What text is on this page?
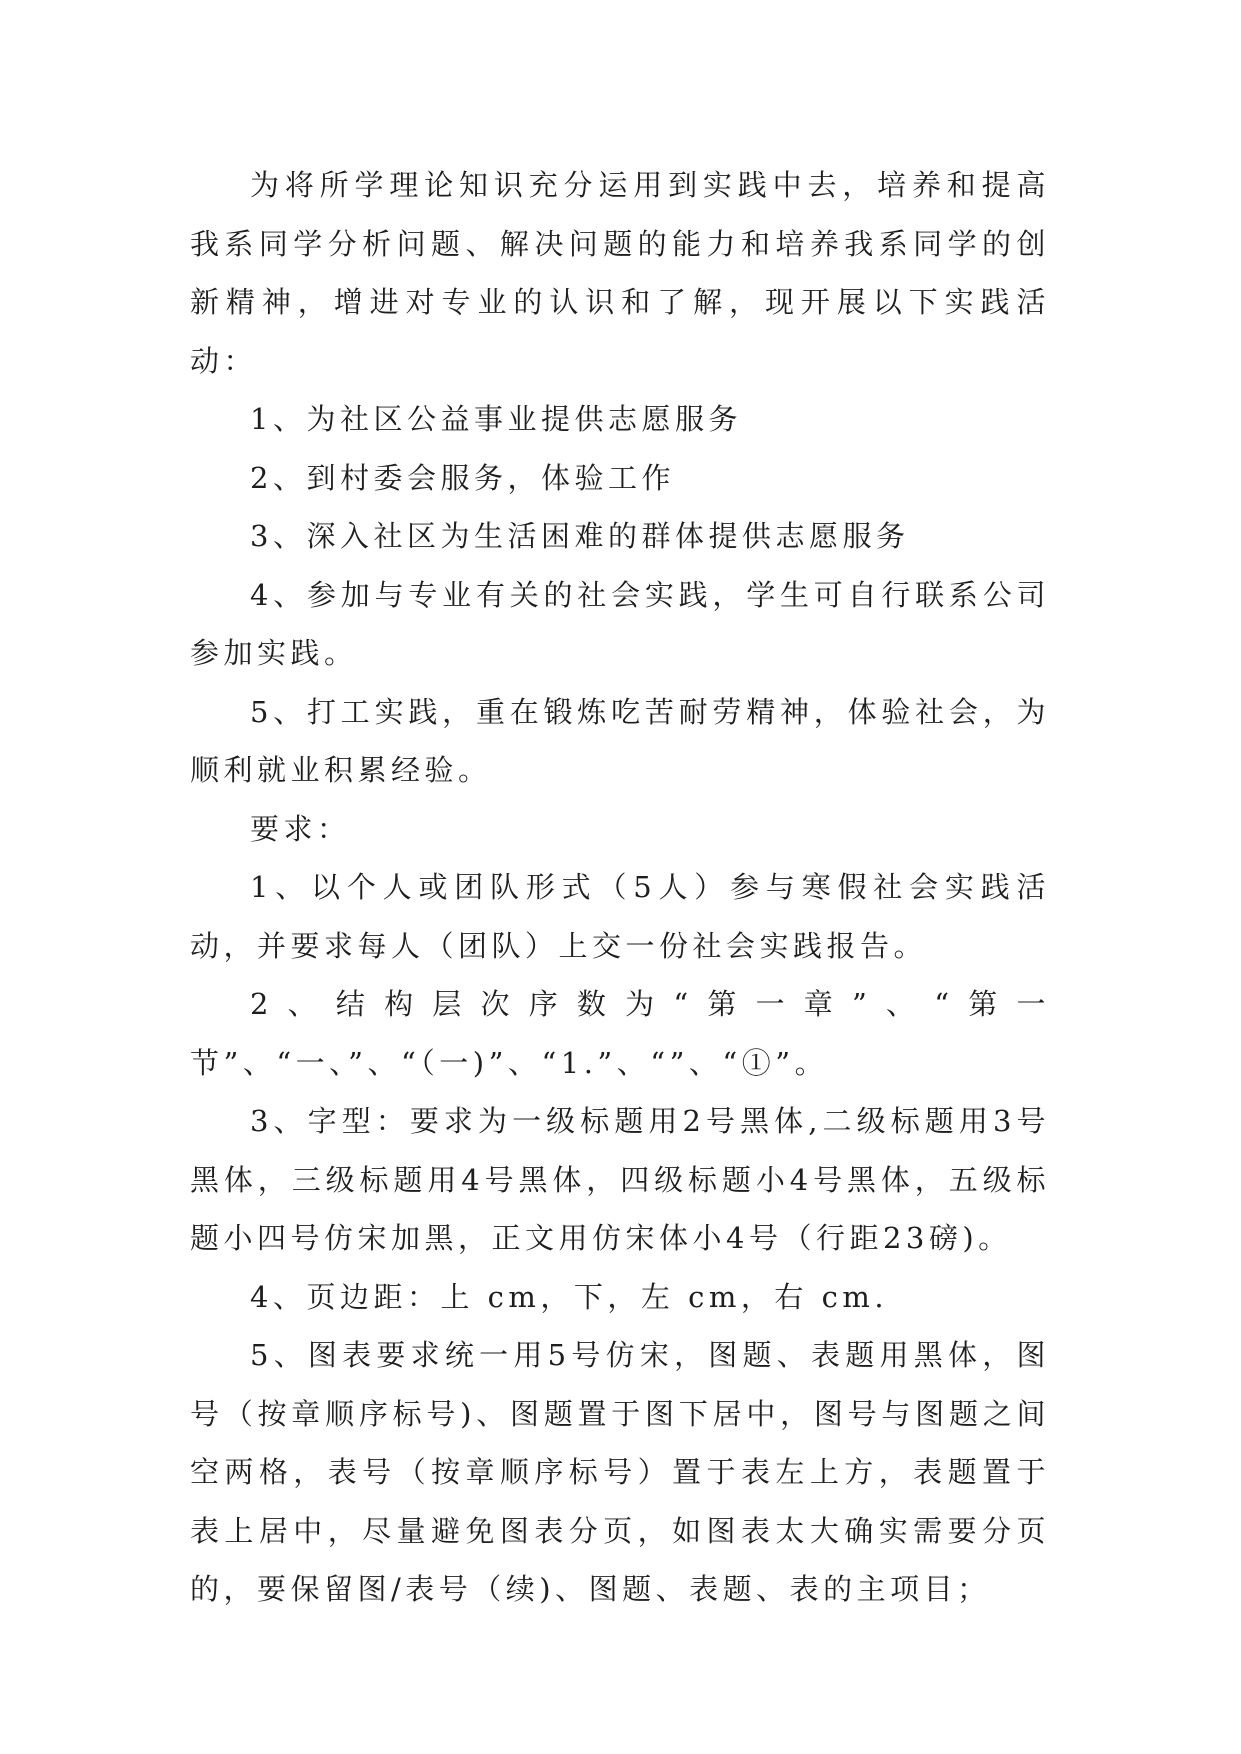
为将所学理论知识充分运用到实践中去，培养和提高我系同学分析问题、解决问题的能力和培养我系同学的创新精神，增进对专业的认识和了解，现开展以下实践活动：

1、为社区公益事业提供志愿服务

2、到村委会服务，体验工作

3、深入社区为生活困难的群体提供志愿服务

4、参加与专业有关的社会实践，学生可自行联系公司参加实践。

5、打工实践，重在锻炼吃苦耐劳精神，体验社会，为顺利就业积累经验。

要求：

1、以个人或团队形式（5人）参与寒假社会实践活动，并要求每人（团队）上交一份社会实践报告。

2、结构层次序数为“第一章”、“第一节”、“一、”、“（一)”、“1.”、“”、“①”。

3、字型：要求为一级标题用2号黑体,二级标题用3号黑体，三级标题用4号黑体，四级标题小4号黑体，五级标题小四号仿宋加黑，正文用仿宋体小4号（行距23磅)。

4、页边距：上 cm，下，左 cm，右 cm.

5、图表要求统一用5号仿宋，图题、表题用黑体，图号（按章顺序标号)、图题置于图下居中，图号与图题之间空两格，表号（按章顺序标号）置于表左上方，表题置于表上居中，尽量避免图表分页，如图表太大确实需要分页的，要保留图/表号（续)、图题、表题、表的主项目；
